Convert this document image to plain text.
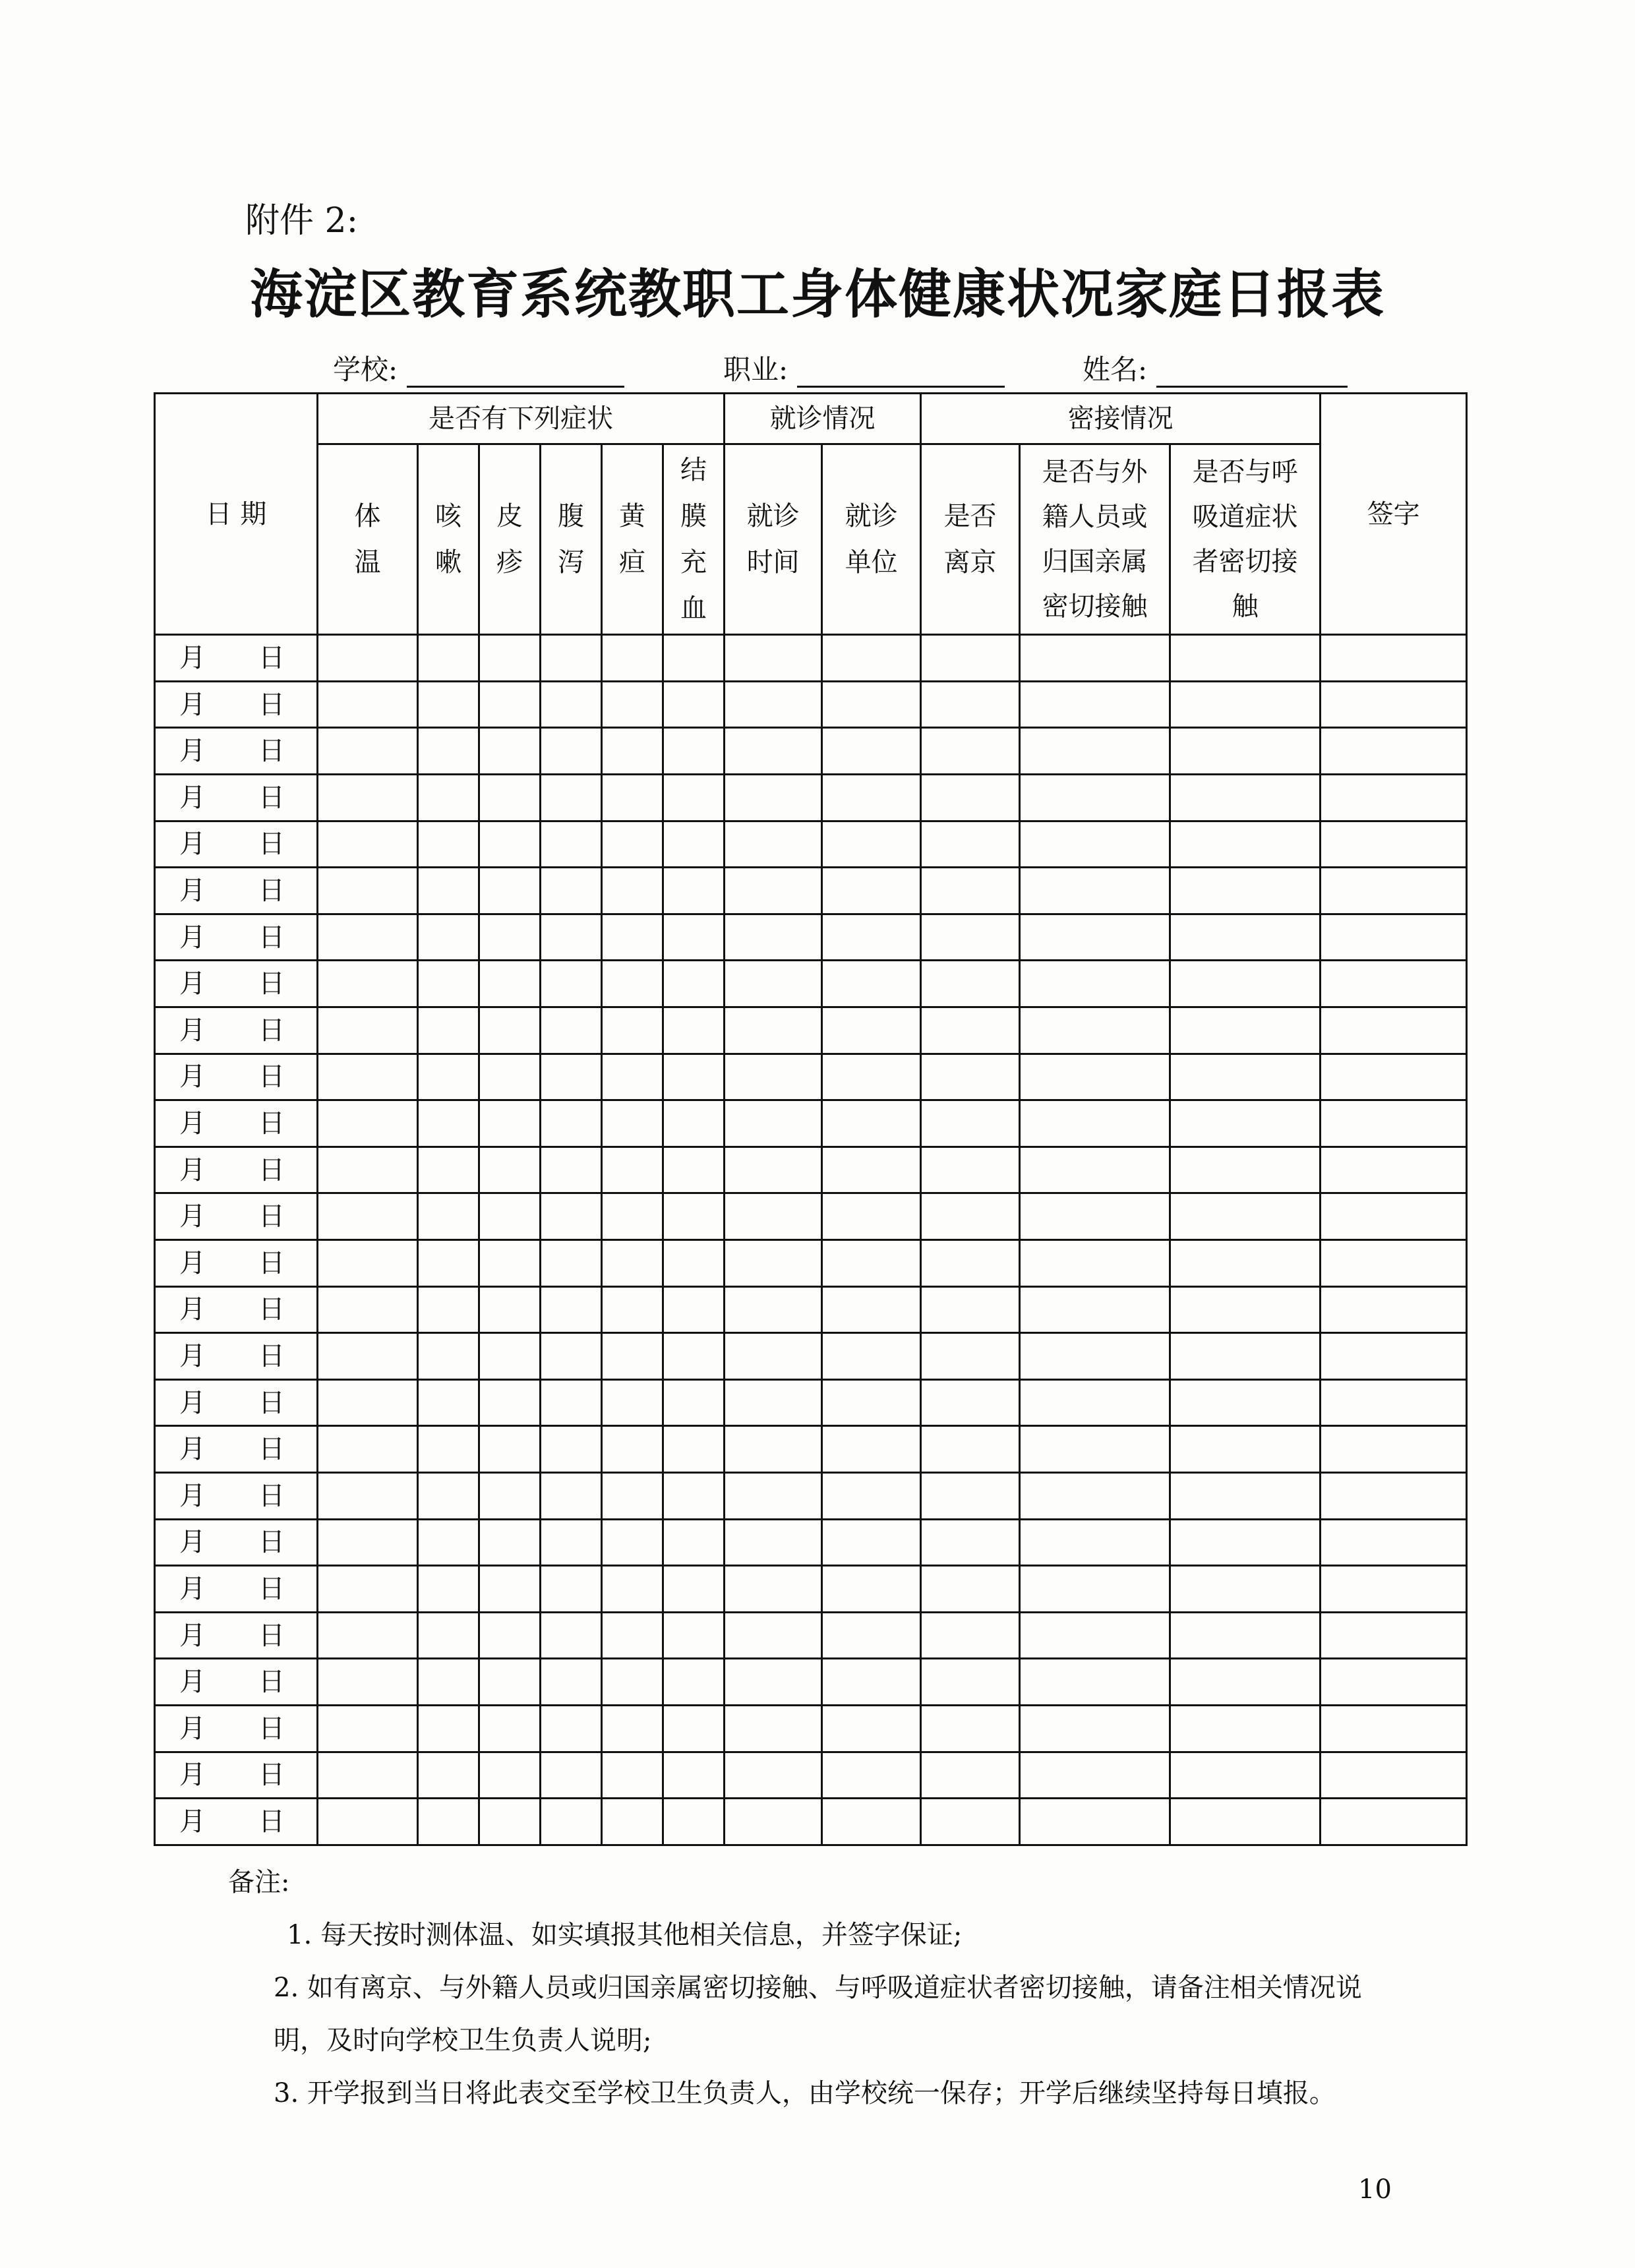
附件 2:
海淀区教育系统教职工身体健康状况家庭日报表
学校:	职业:	姓名:
日 期	是否有下列症状						就诊情况		密接情况			签字
	体温	咳嗽	皮疹	腹泻	黄疸	结膜充血	就诊时间	就诊单位	是否离京	是否与外籍人员或归国亲属密切接触	是否与呼吸道症状者密切接触	
月 日												
月 日												
月 日												
月 日												
月 日												
月 日												
月 日												
月 日												
月 日												
月 日												
月 日												
月 日												
月 日												
月 日												
月 日												
月 日												
月 日												
月 日												
月 日												
月 日												
月 日												
月 日												
月 日												
月 日												
月 日												
月 日												

备注:

1. 每天按时测体温、如实填报其他相关信息，并签字保证;

2. 如有离京、与外籍人员或归国亲属密切接触、与呼吸道症状者密切接触，请备注相关情况说明，及时向学校卫生负责人说明;

3. 开学报到当日将此表交至学校卫生负责人，由学校统一保存；开学后继续坚持每日填报。

10
